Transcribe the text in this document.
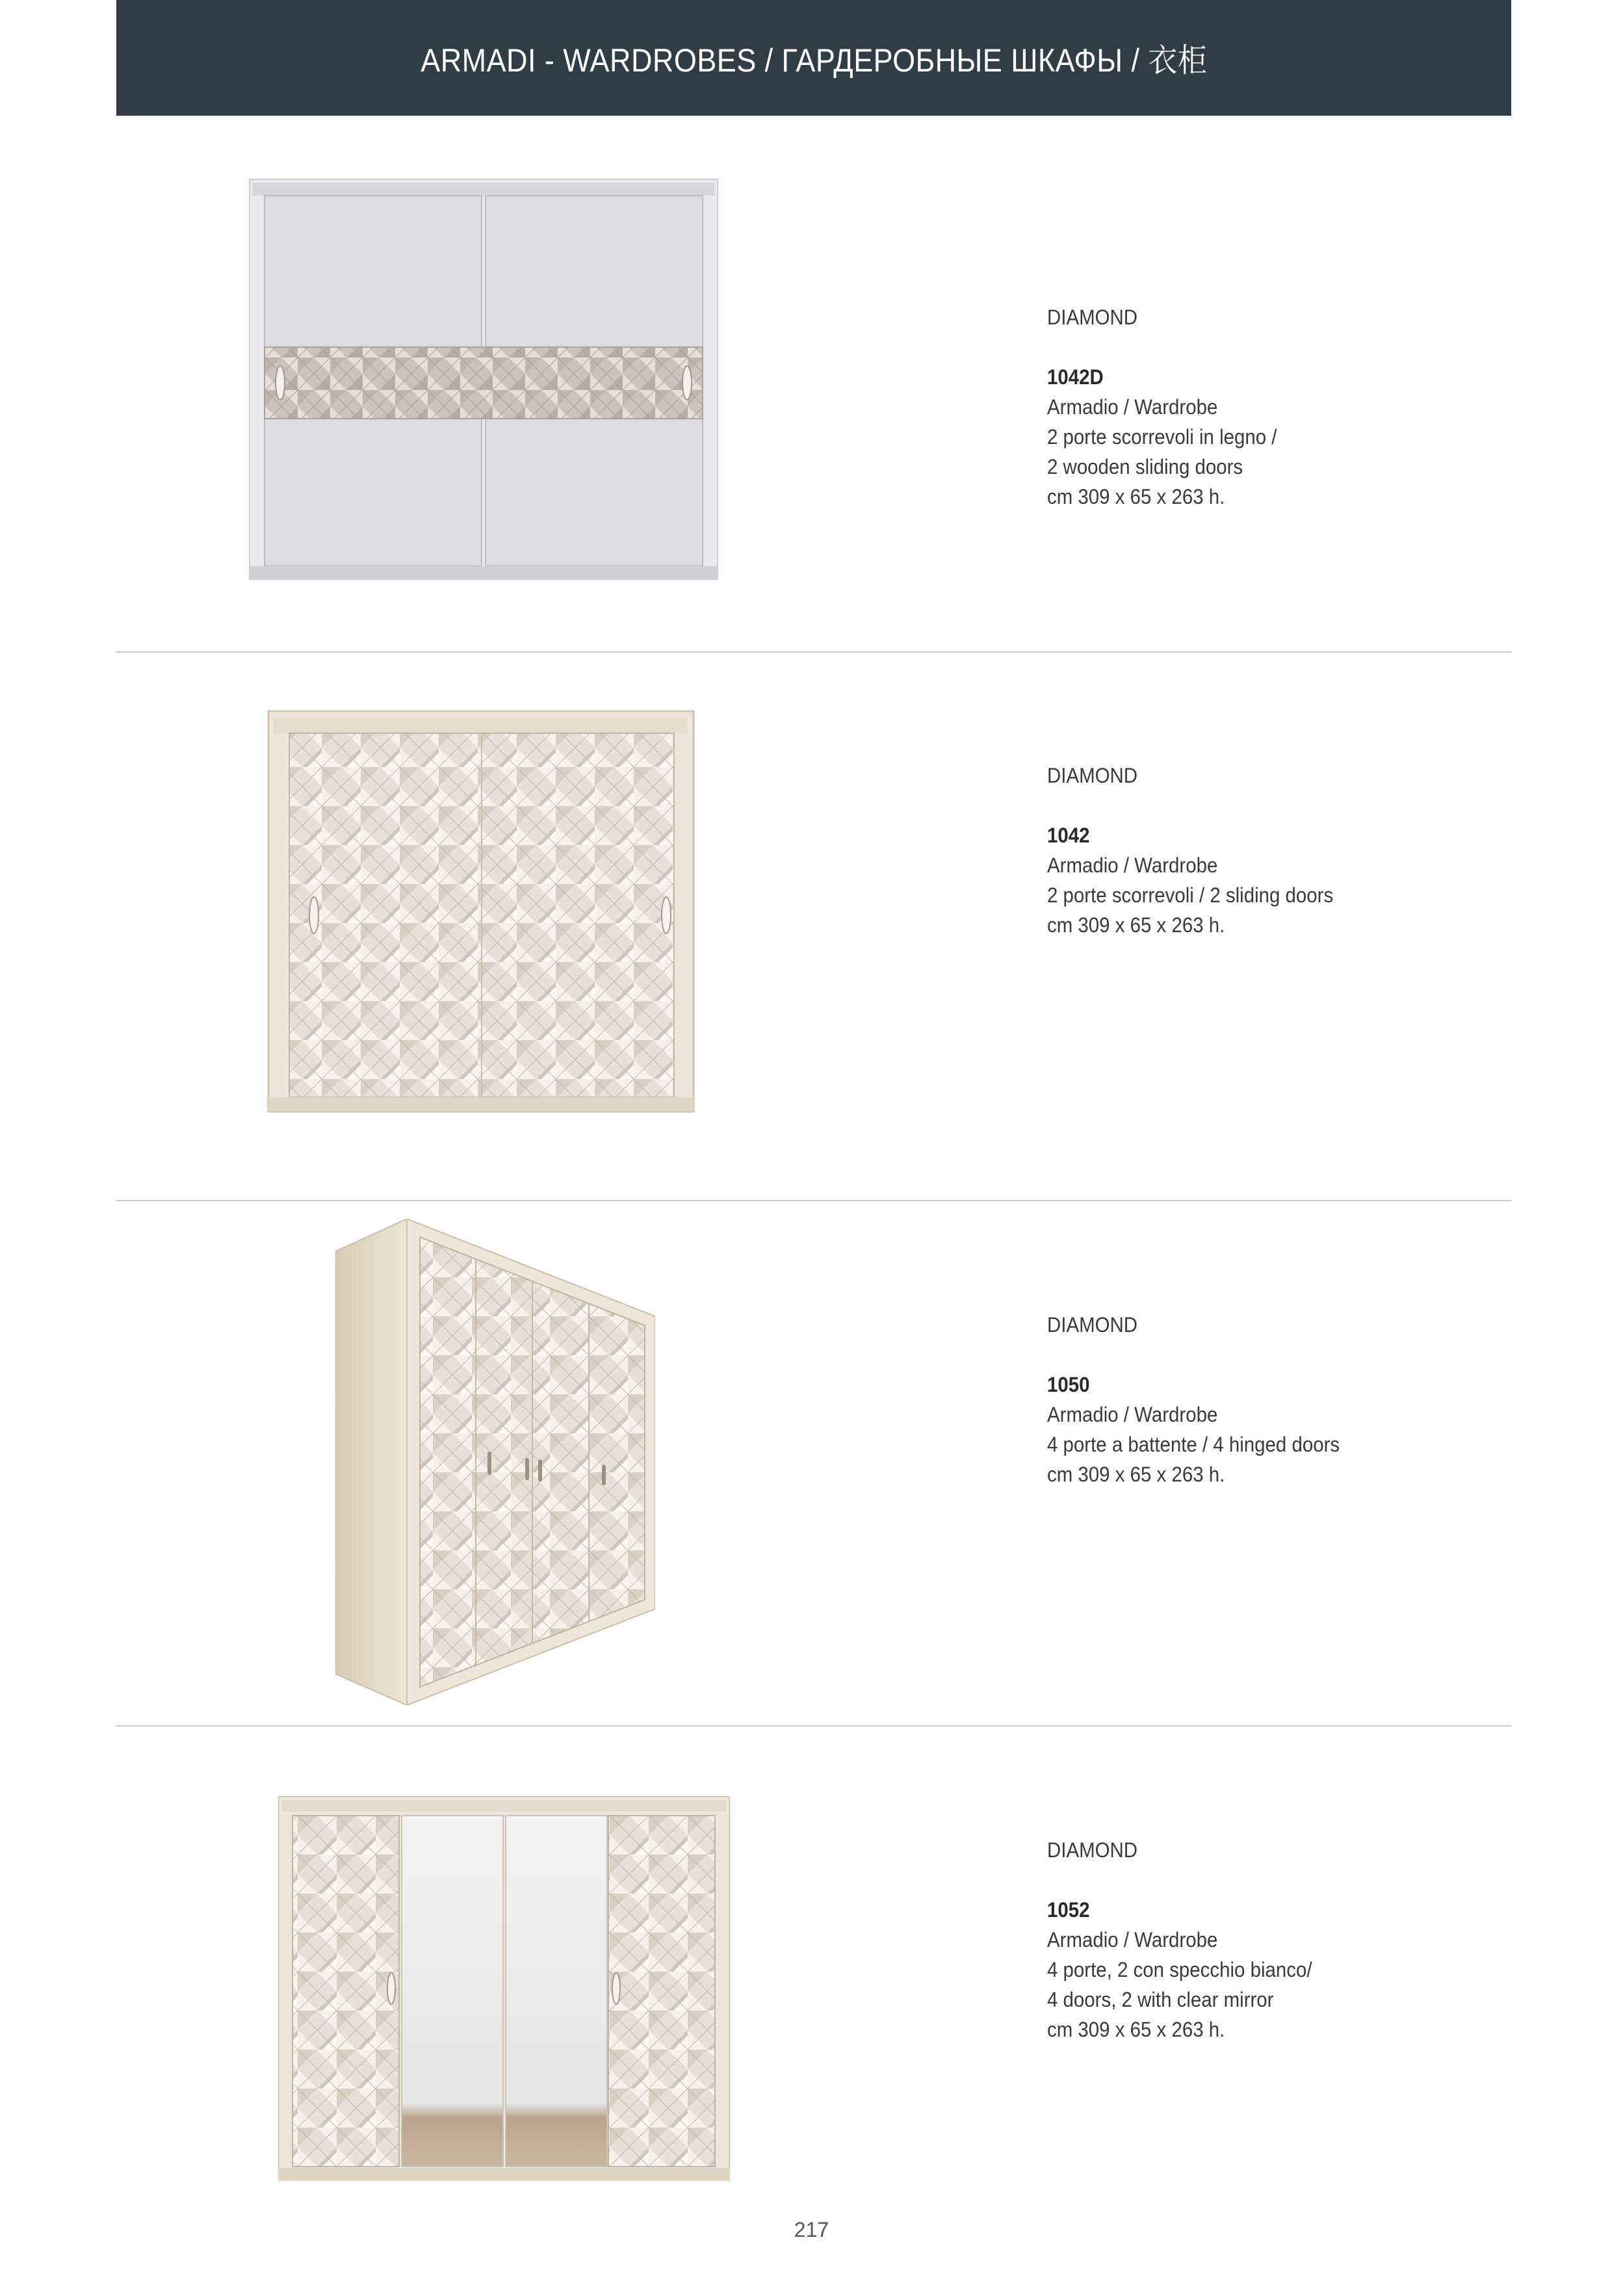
ARMADI - WARDROBES / ГАРДЕРОБНЫЕ ШКАФЫ / 衣柜
DIAMOND
1042D
Armadio / Wardrobe
2 porte scorrevoli in legno /
2 wooden sliding doors
cm 309 x 65 x 263 h.
DIAMOND
1042
Armadio / Wardrobe
2 porte scorrevoli / 2 sliding doors
cm 309 x 65 x 263 h.
DIAMOND
1050
Armadio / Wardrobe
4 porte a battente / 4 hinged doors
cm 309 x 65 x 263 h.
DIAMOND
1052
Armadio / Wardrobe
4 porte, 2 con specchio bianco/
4 doors, 2 with clear mirror
cm 309 x 65 x 263 h.
217
